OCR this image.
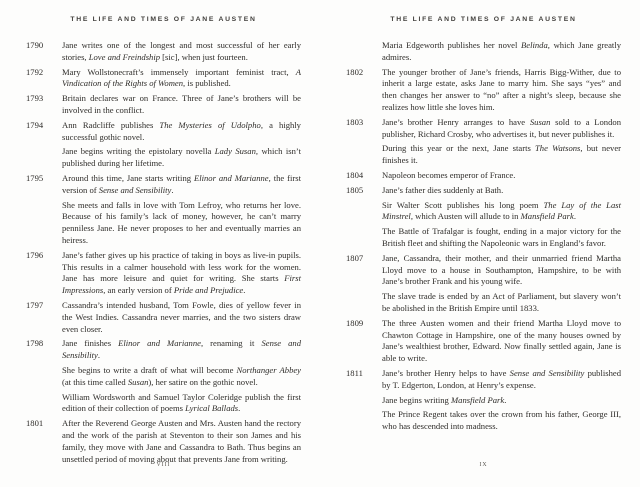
THE LIFE AND TIMES OF JANE AUSTEN
1790	Jane writes one of the longest and most successful of her early stories, Love and Freindship [sic], when just fourteen.

1792	Mary Wollstonecraft’s immensely important feminist tract, A Vindication of the Rights of Women, is published.

1793	Britain declares war on France. Three of Jane’s brothers will be involved in the conflict.

1794	Ann Radcliffe publishes The Mysteries of Udolpho, a highly successful gothic novel.

Jane begins writing the epistolary novella Lady Susan, which isn’t published during her lifetime.

1795	Around this time, Jane starts writing Elinor and Marianne, the first version of Sense and Sensibility.

She meets and falls in love with Tom Lefroy, who returns her love. Because of his family’s lack of money, however, he can’t marry penniless Jane. He never proposes to her and eventually marries an heiress.

1796	Jane’s father gives up his practice of taking in boys as live-in pupils. This results in a calmer household with less work for the women. Jane has more leisure and quiet for writing. She starts First Impressions, an early version of Pride and Prejudice.

1797	Cassandra’s intended husband, Tom Fowle, dies of yellow fever in the West Indies. Cassandra never marries, and the two sisters draw even closer.

1798	Jane finishes Elinor and Marianne, renaming it Sense and Sensibility.

She begins to write a draft of what will become Northanger Abbey (at this time called Susan), her satire on the gothic novel.

William Wordsworth and Samuel Taylor Coleridge publish the first edition of their collection of poems Lyrical Ballads.

1801	After the Reverend George Austen and Mrs. Austen hand the rectory and the work of the parish at Steventon to their son James and his family, they move with Jane and Cassandra to Bath. Thus begins an unsettled period of moving about that prevents Jane from writing.

VIII
THE LIFE AND TIMES OF JANE AUSTEN

Maria Edgeworth publishes her novel Belinda, which Jane greatly admires.

1802	The younger brother of Jane’s friends, Harris Bigg-Wither, due to inherit a large estate, asks Jane to marry him. She says “yes” and then changes her answer to “no” after a night’s sleep, because she realizes how little she loves him.

1803	Jane’s brother Henry arranges to have Susan sold to a London publisher, Richard Crosby, who advertises it, but never publishes it.

During this year or the next, Jane starts The Watsons, but never finishes it.

1804	Napoleon becomes emperor of France.

1805	Jane’s father dies suddenly at Bath.

Sir Walter Scott publishes his long poem The Lay of the Last Minstrel, which Austen will allude to in Mansfield Park.

The Battle of Trafalgar is fought, ending in a major victory for the British fleet and shifting the Napoleonic wars in England’s favor.

1807	Jane, Cassandra, their mother, and their unmarried friend Martha Lloyd move to a house in Southampton, Hampshire, to be with Jane’s brother Frank and his young wife.

The slave trade is ended by an Act of Parliament, but slavery won’t be abolished in the British Empire until 1833.

1809	The three Austen women and their friend Martha Lloyd move to Chawton Cottage in Hampshire, one of the many houses owned by Jane’s wealthiest brother, Edward. Now finally settled again, Jane is able to write.

1811	Jane’s brother Henry helps to have Sense and Sensibility published by T. Edgerton, London, at Henry’s expense.

Jane begins writing Mansfield Park.

The Prince Regent takes over the crown from his father, George III, who has descended into madness.

IX
